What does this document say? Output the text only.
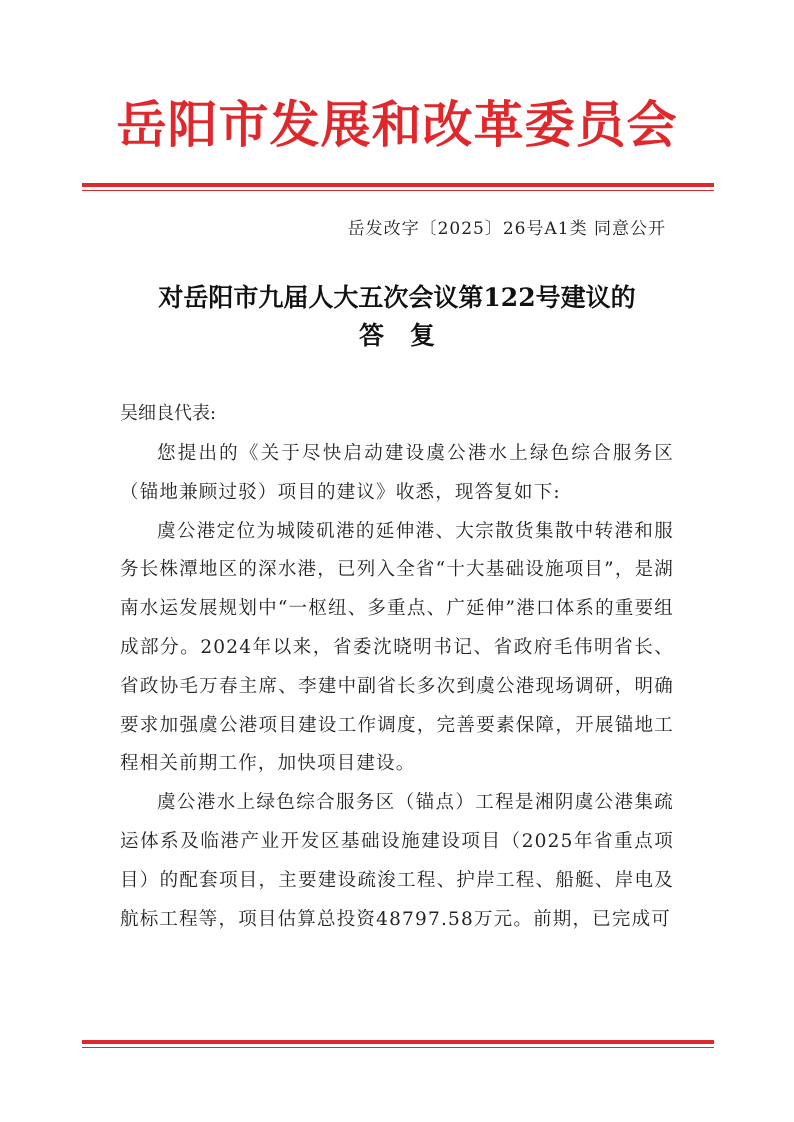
岳阳市发展和改革委员会
岳发改字〔2025〕26号A1类 同意公开
对岳阳市九届人大五次会议第122号建议的
答复
吴细良代表:

您提出的《关于尽快启动建设虞公港水上绿色综合服务区（锚地兼顾过驳）项目的建议》收悉，现答复如下:

虞公港定位为城陵矶港的延伸港、大宗散货集散中转港和服务长株潭地区的深水港，已列入全省“十大基础设施项目”，是湖南水运发展规划中“一枢纽、多重点、广延伸”港口体系的重要组成部分。2024年以来，省委沈晓明书记、省政府毛伟明省长、省政协毛万春主席、李建中副省长多次到虞公港现场调研，明确要求加强虞公港项目建设工作调度，完善要素保障，开展锚地工程相关前期工作，加快项目建设。

虞公港水上绿色综合服务区（锚点）工程是湘阴虞公港集疏运体系及临港产业开发区基础设施建设项目（2025年省重点项目）的配套项目，主要建设疏浚工程、护岸工程、船艇、岸电及航标工程等，项目估算总投资48797.58万元。前期，已完成可
